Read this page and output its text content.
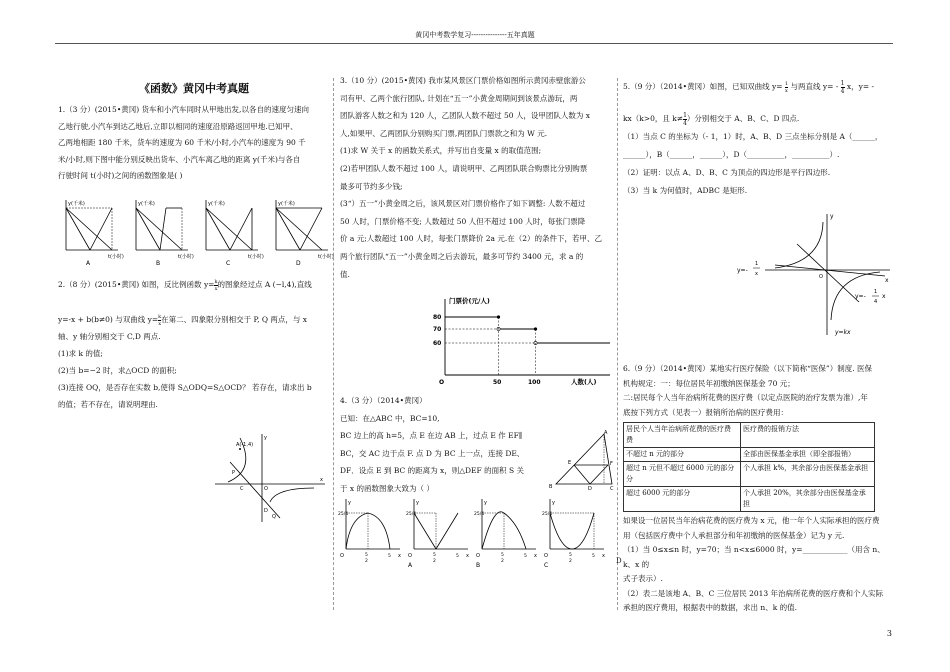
黄冈中考数学复习---------------五年真题

《函数》黄冈中考真题

1.（3 分）(2015•黄冈) 货车和小汽车同时从甲地出发,以各自的速度匀速向

乙地行驶,小汽车到达乙地后,立即以相同的速度沿原路返回甲地.已知甲、

乙两地相距 180 千米，货车的速度为 60 千米/小时,小汽车的速度为 90 千

米/小时,则下图中能分别反映出货车、小汽车离乙地的距离 y(千米)与各自

行驶时间 t(小时)之间的函数图象是( )

y(千米)
t(小时)
A
y(千米)
t(小时)
B
y(千米)
t(小时)
C
y(千米)
t(小时)
D

2.（8 分）(2015•黄冈) 如图，反比例函数 $y= \frac{k}{x}$ 的图象经过点 A (−l,4),直线

y=-x + b(b≠0) 与双曲线 $y= \frac{k}{x}$ 在第二、四象限分别相交于 P, Q 两点，与 x

轴、y 轴分别相交于 C,D 两点.

(1)求 k 的值;

(2)当 b=−2 时，求△OCD 的面积;

(3)连接 OQ，是否存在实数 b,使得 S△ODQ=S△OCD？ 若存在，请求出 b

的值；若不存在，请说明理由.

A(-1,4)
P
C	O
D
Q
x
y

3.（10 分）(2015•黄冈) 我市某风景区门票价格如图所示黄冈赤壁旅游公

司有甲、乙两个旅行团队, 计划在“五一”小黄金周期间到该景点游玩，两

团队游客人数之和为 120 人，乙团队人数不超过 50 人，设甲团队人数为 x

人,如果甲、乙两团队分别购买门票,两团队门票款之和为 W 元.

(1)求 W 关于 x 的函数关系式，并写出自变量 x 的取值范围;

(2)若甲团队人数不超过 100 人，请说明甲、乙两团队联合购票比分别购票

最多可节约多少钱;

(3“）五一”小黄金周之后，该风景区对门票价格作了如下调整: 人数不超过

50 人时，门票价格不变; 人数超过 50 人但不超过 100 人时，每张门票降

价 a 元;人数超过 100 人时，每张门票降价 2a 元.在（2）的条件下，若甲、乙

两个旅行团队“五一”小黄金周之后去游玩，最多可节约 3400 元，求 a 的

值.

门票价(元/人)
80
70
60
O	50	100	人数(人)

4.（3 分）（2014•黄冈）

已知：在△ABC 中，BC=10,

BC 边上的高 h=5，点 E 在边 AB 上，过点 E 作 EF∥

BC，交 AC 边于点 F. 点 D 为 BC 上一点，连接 DE、

DF．设点 E 到 BC 的距离为 x，则△DEF 的面积 S 关

于 x 的函数图象大致为（ ）

A
B	C
D
E	F
y
25/4
O	5
2
5 x
A
y
25/4
O	5
2
5 x
B
y
25/4
O	5
2
5 x
C
y
25/4
O	5
2
5 x

5.（9 分）（2014•黄冈）如图，已知双曲线 $y= \frac{1}{x}$ 与两直线 $y= - \frac{1}{4}$ x，y= -

kx（k>0，且 $k\ne \frac{1}{4}$ ）分别相交于 A、B、C、D 四点.

（1）当点 C 的坐标为（- 1，1）时，A、B、D 三点坐标分别是 A（______，

______），B（______，______），D（__________，__________）.

（2）证明：以点 A、D、B、C 为顶点的四边形是平行四边形.

（3）当 k 为何值时，ADBC 是矩形.

y
x
O
y=-
1
x
y=-
1
4
x
y=kx

6.（9 分）（2014•黄冈）某地实行医疗保险（以下简称“医保”）制度. 医保

机构规定：一：每位居民年初缴纳医保基金 70 元；

二:居民每个人当年治病所花费的医疗费（以定点医院的治疗发票为准）,年

底按下列方式（见表一）报销所治病的医疗费用：

居民个人当年治病所花费的医疗费
费	医疗费的报销方法
不超过 n 元的部分	全部由医保基金承担（即全部报销）
超过 n 元但不超过 6000 元的部分
分	个人承担 k%，其余部分由医保基金承担
超过 6000 元的部分	个人承担 20%，其余部分由医保基金承担

如果设一位居民当年治病花费的医疗费为 x 元，他一年个人实际承担的医疗费

用（包括医疗费中个人承担部分和年初缴纳的医保基金）记为 y 元.

（1）当 0≤x≤n 时，y=70；当 n<x≤6000 时，y=____________（用含 n、k、x 的

式子表示）.

（2）表二是该地 A、B、C 三位居民 2013 年治病所花费的医疗费和个人实际

承担的医疗费用，根据表中的数据，求出 n、k 的值.

D
3
